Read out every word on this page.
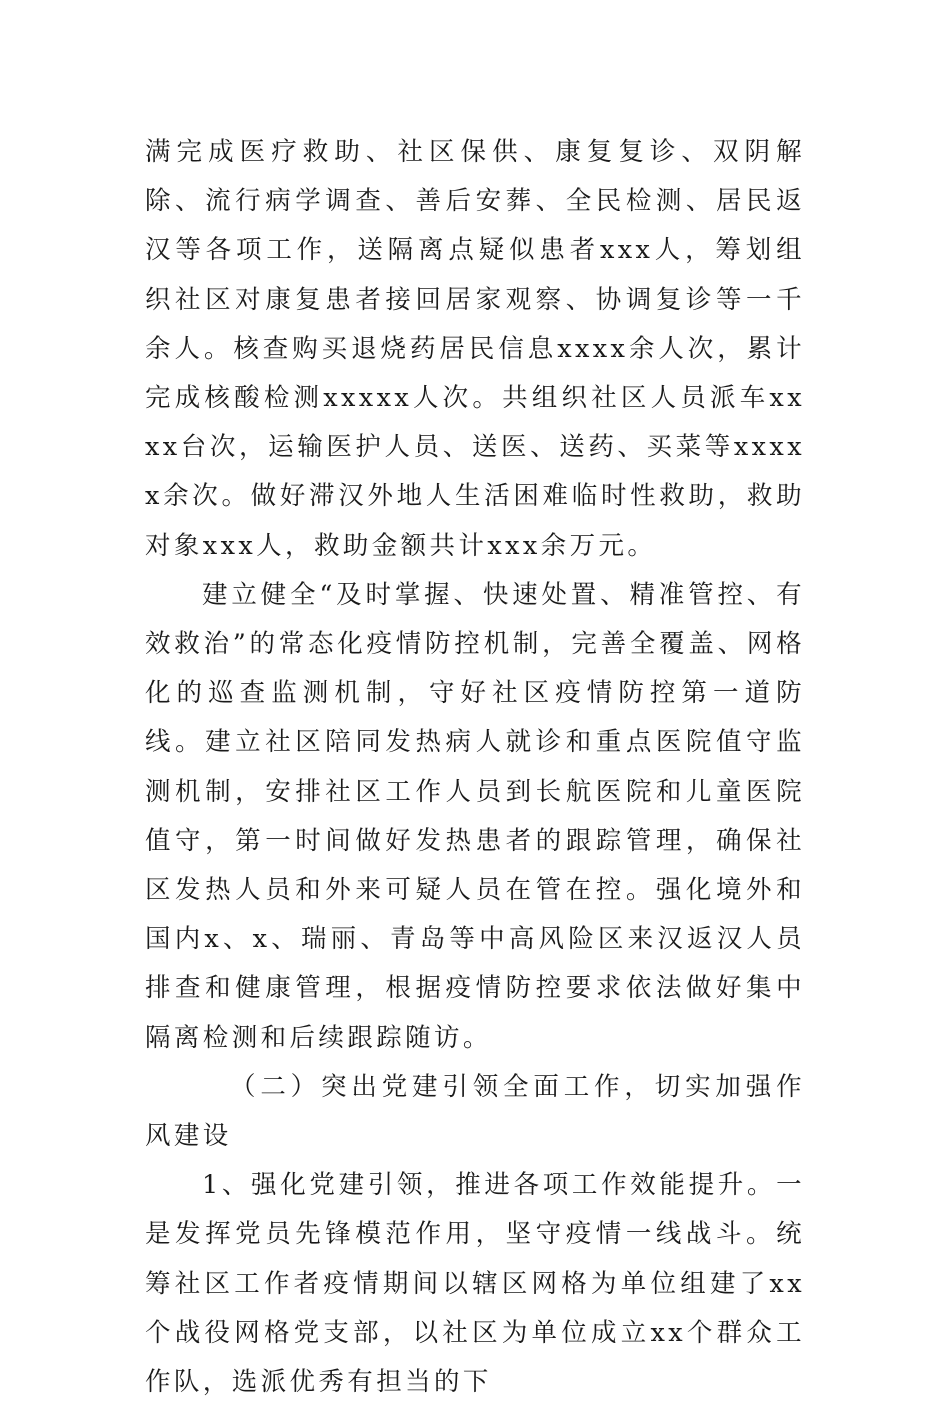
满完成医疗救助、社区保供、康复复诊、双阴解除、流行病学调查、善后安葬、全民检测、居民返汉等各项工作，送隔离点疑似患者xxx人，筹划组织社区对康复患者接回居家观察、协调复诊等一千余人。核查购买退烧药居民信息xxxx余人次，累计完成核酸检测xxxxx人次。共组织社区人员派车xxxx台次，运输医护人员、送医、送药、买菜等xxxxx余次。做好滞汉外地人生活困难临时性救助，救助对象xxx人，救助金额共计xxx余万元。

建立健全“及时掌握、快速处置、精准管控、有效救治”的常态化疫情防控机制，完善全覆盖、网格化的巡查监测机制，守好社区疫情防控第一道防线。建立社区陪同发热病人就诊和重点医院值守监测机制，安排社区工作人员到长航医院和儿童医院值守，第一时间做好发热患者的跟踪管理，确保社区发热人员和外来可疑人员在管在控。强化境外和国内x、x、瑞丽、青岛等中高风险区来汉返汉人员排查和健康管理，根据疫情防控要求依法做好集中隔离检测和后续跟踪随访。

（二）突出党建引领全面工作，切实加强作风建设

1、强化党建引领，推进各项工作效能提升。一是发挥党员先锋模范作用，坚守疫情一线战斗。统筹社区工作者疫情期间以辖区网格为单位组建了xx个战役网格党支部，以社区为单位成立xx个群众工作队，选派优秀有担当的下
